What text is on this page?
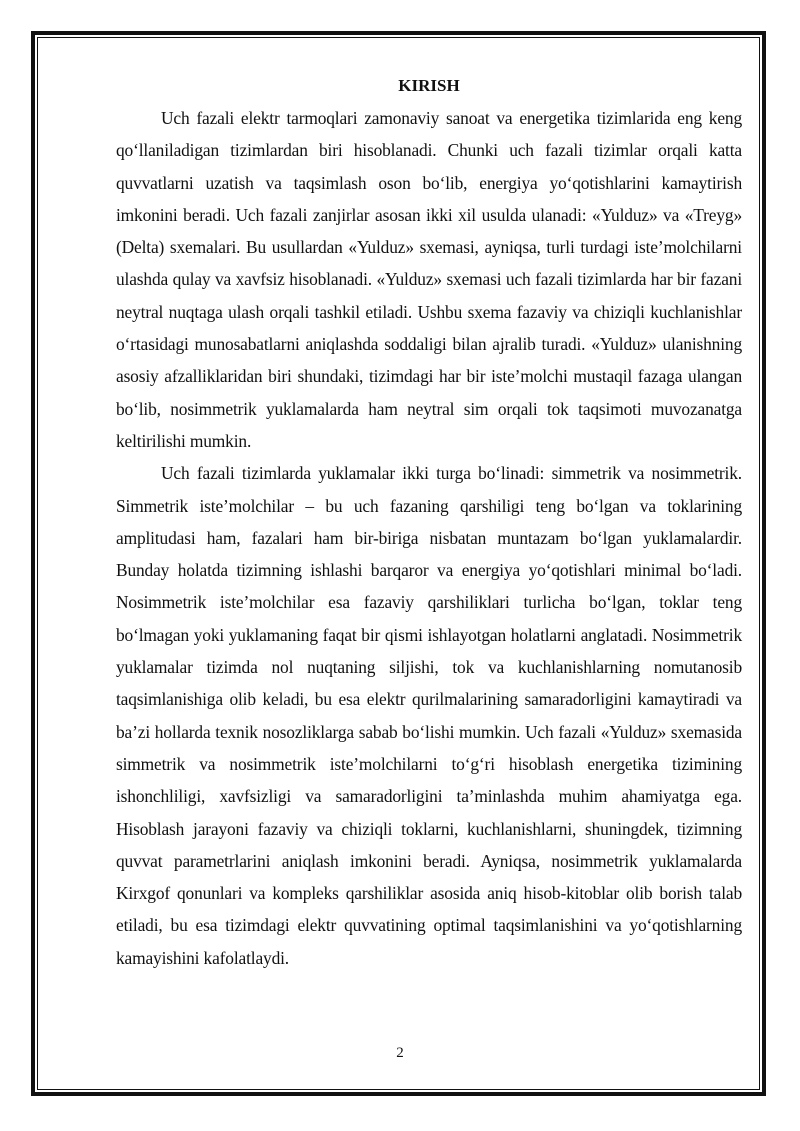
KIRISH

Uch fazali elektr tarmoqlari zamonaviy sanoat va energetika tizimlarida eng keng qo‘llaniladigan tizimlardan biri hisoblanadi. Chunki uch fazali tizimlar orqali katta quvvatlarni uzatish va taqsimlash oson bo‘lib, energiya yo‘qotishlarini kamaytirish imkonini beradi. Uch fazali zanjirlar asosan ikki xil usulda ulanadi: «Yulduz» va «Treyg» (Delta) sxemalari. Bu usullardan «Yulduz» sxemasi, ayniqsa, turli turdagi iste’molchilarni ulashda qulay va xavfsiz hisoblanadi. «Yulduz» sxemasi uch fazali tizimlarda har bir fazani neytral nuqtaga ulash orqali tashkil etiladi. Ushbu sxema fazaviy va chiziqli kuchlanishlar o‘rtasidagi munosabatlarni aniqlashda soddaligi bilan ajralib turadi. «Yulduz» ulanishning asosiy afzalliklaridan biri shundaki, tizimdagi har bir iste’molchi mustaqil fazaga ulangan bo‘lib, nosimmetrik yuklamalarda ham neytral sim orqali tok taqsimoti muvozanatga keltirilishi mumkin.

Uch fazali tizimlarda yuklamalar ikki turga bo‘linadi: simmetrik va nosimmetrik. Simmetrik iste’molchilar – bu uch fazaning qarshiligi teng bo‘lgan va toklarining amplitudasi ham, fazalari ham bir-biriga nisbatan muntazam bo‘lgan yuklamalardir. Bunday holatda tizimning ishlashi barqaror va energiya yo‘qotishlari minimal bo‘ladi. Nosimmetrik iste’molchilar esa fazaviy qarshiliklari turlicha bo‘lgan, toklar teng bo‘lmagan yoki yuklamaning faqat bir qismi ishlayotgan holatlarni anglatadi. Nosimmetrik yuklamalar tizimda nol nuqtaning siljishi, tok va kuchlanishlarning nomutanosib taqsimlanishiga olib keladi, bu esa elektr qurilmalarining samaradorligini kamaytiradi va ba’zi hollarda texnik nosozliklarga sabab bo‘lishi mumkin. Uch fazali «Yulduz» sxemasida simmetrik va nosimmetrik iste’molchilarni to‘g‘ri hisoblash energetika tizimining ishonchliligi, xavfsizligi va samaradorligini ta’minlashda muhim ahamiyatga ega. Hisoblash jarayoni fazaviy va chiziqli toklarni, kuchlanishlarni, shuningdek, tizimning quvvat parametrlarini aniqlash imkonini beradi. Ayniqsa, nosimmetrik yuklamalarda Kirxgof qonunlari va kompleks qarshiliklar asosida aniq hisob-kitoblar olib borish talab etiladi, bu esa tizimdagi elektr quvvatining optimal taqsimlanishini va yo‘qotishlarning kamayishini kafolatlaydi.

2
